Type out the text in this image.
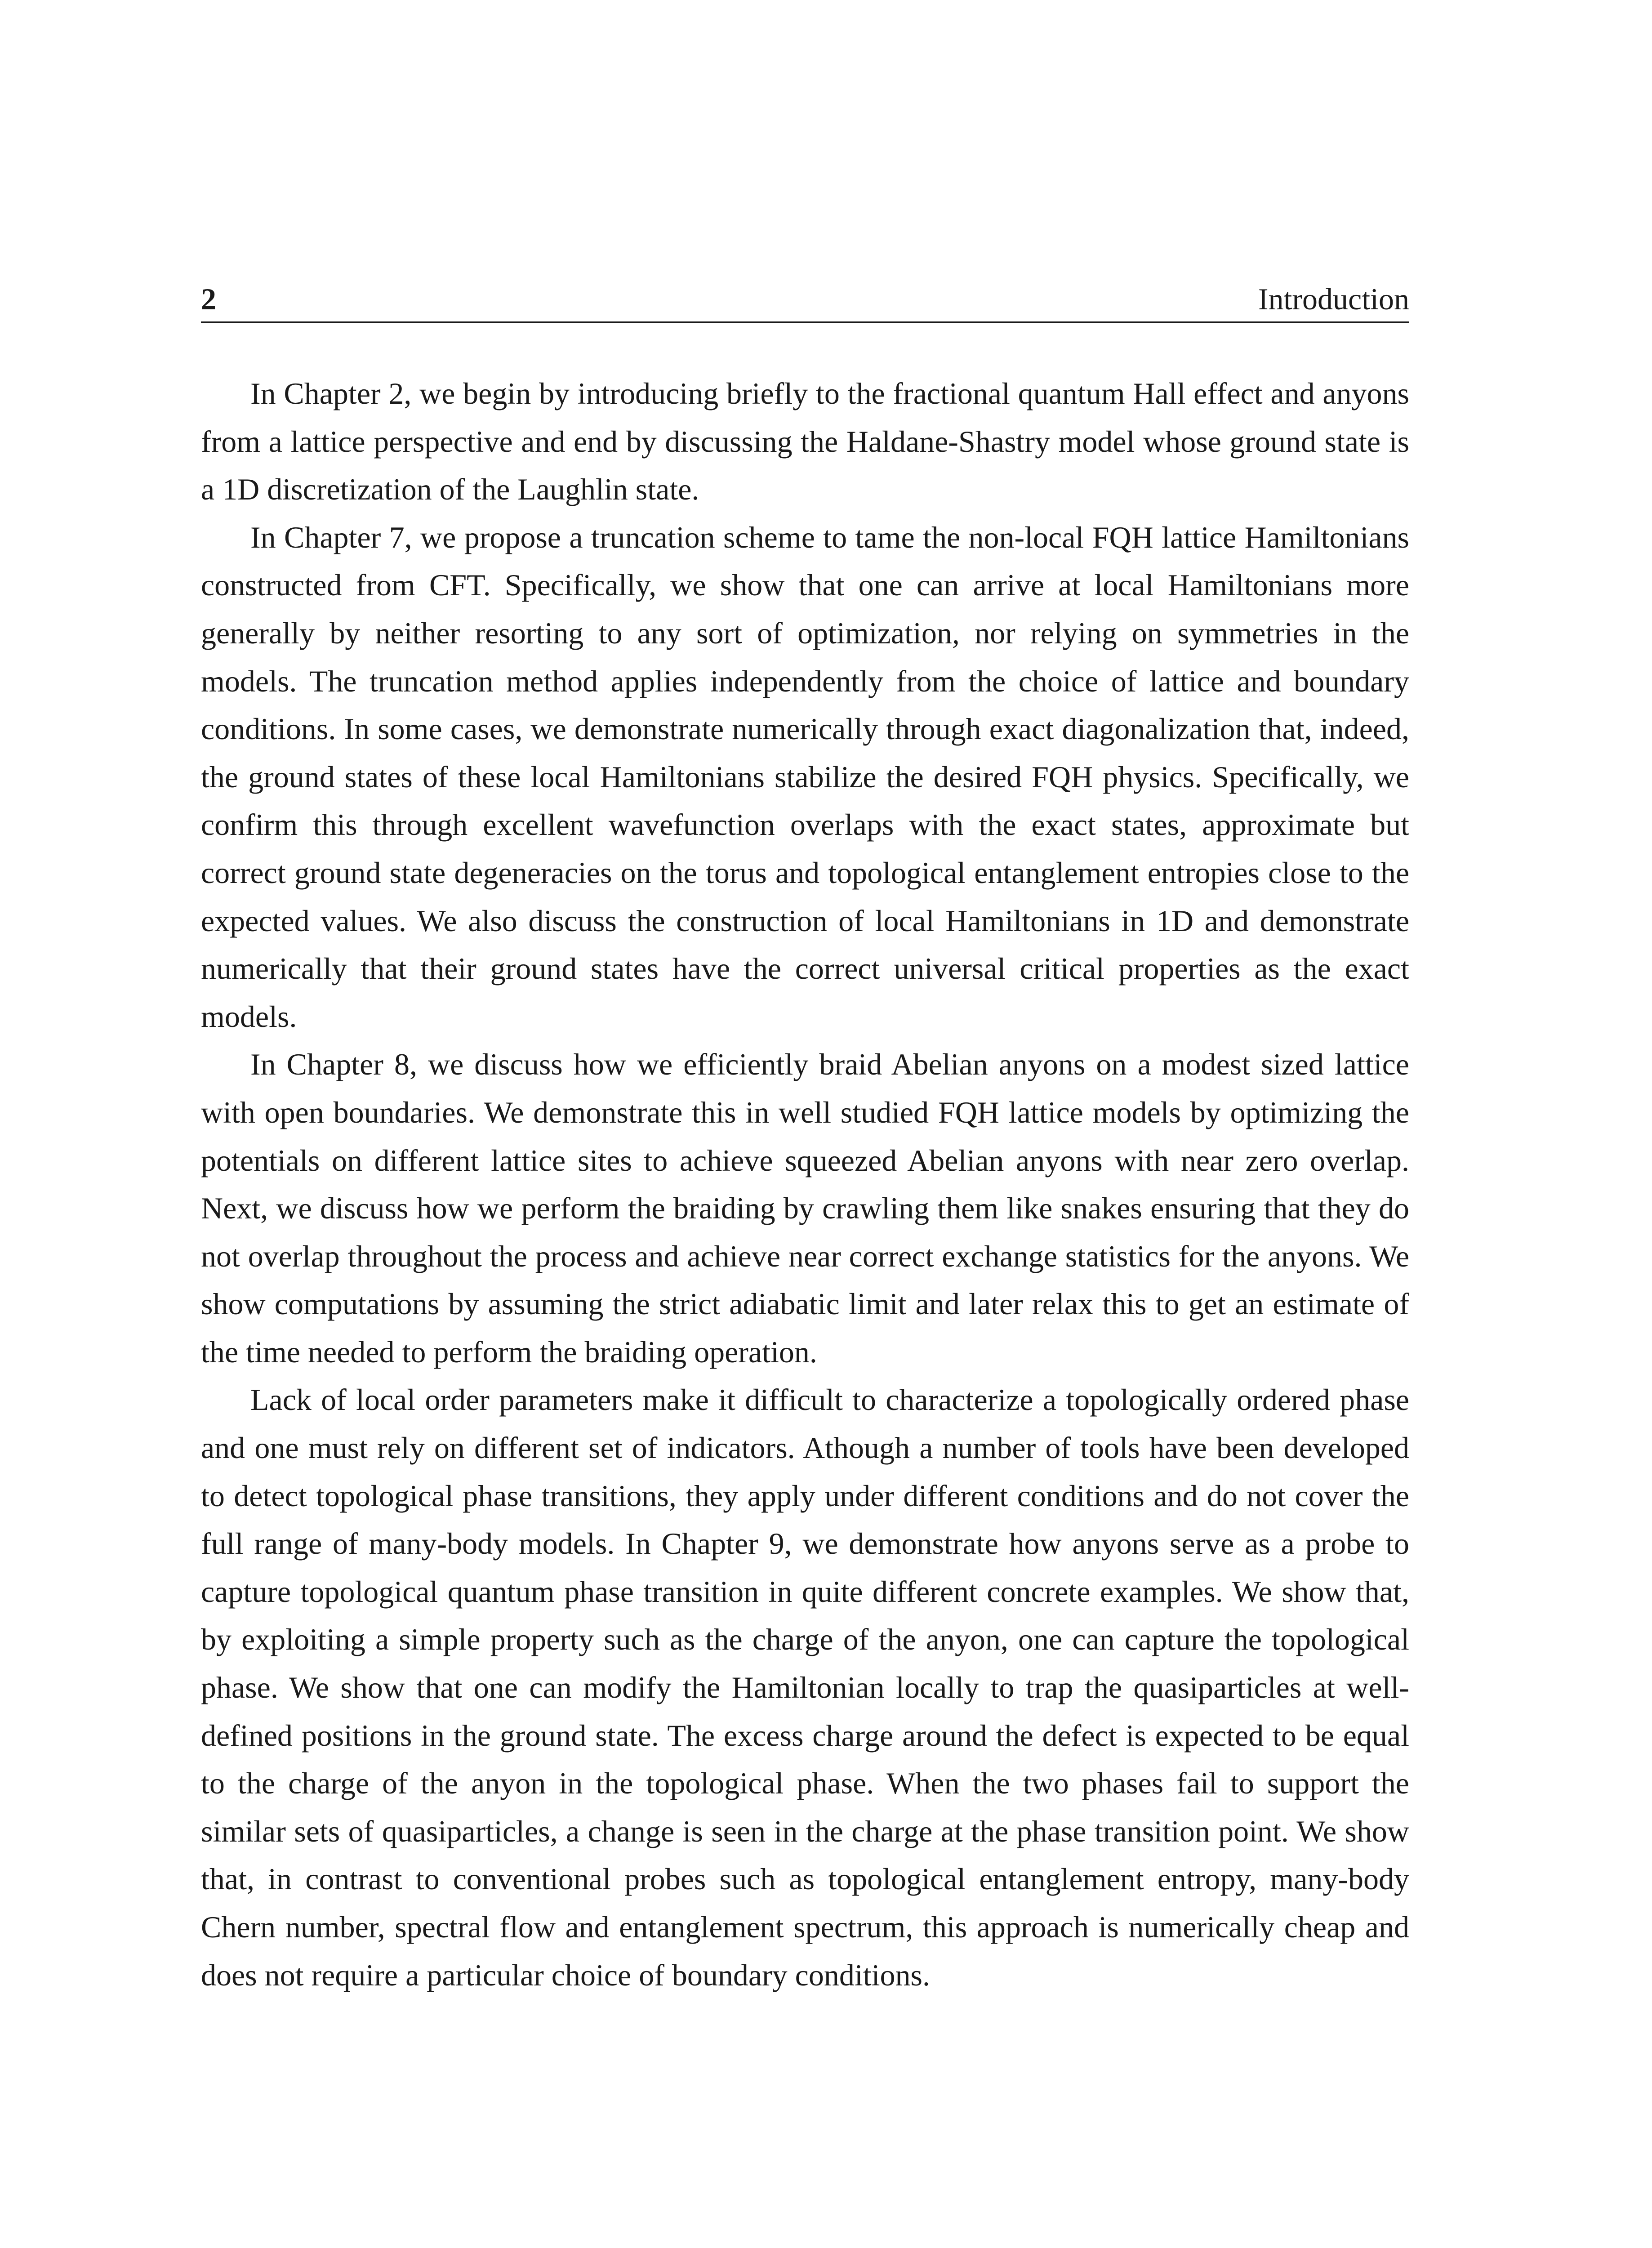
2	Introduction

In Chapter 2, we begin by introducing briefly to the fractional quantum Hall effect and anyons from a lattice perspective and end by discussing the Haldane-Shastry model whose ground state is a 1D discretization of the Laughlin state.

In Chapter 7, we propose a truncation scheme to tame the non-local FQH lattice Hamiltonians constructed from CFT. Specifically, we show that one can arrive at local Hamiltonians more generally by neither resorting to any sort of optimization, nor relying on symmetries in the models. The truncation method applies independently from the choice of lattice and boundary conditions. In some cases, we demonstrate numerically through exact diagonalization that, indeed, the ground states of these local Hamiltonians stabilize the desired FQH physics. Specifically, we confirm this through excellent wavefunction overlaps with the exact states, approximate but correct ground state degeneracies on the torus and topological entanglement entropies close to the expected values. We also discuss the construction of local Hamiltonians in 1D and demonstrate numerically that their ground states have the correct universal critical properties as the exact models.

In Chapter 8, we discuss how we efficiently braid Abelian anyons on a modest sized lattice with open boundaries. We demonstrate this in well studied FQH lattice models by optimizing the potentials on different lattice sites to achieve squeezed Abelian anyons with near zero overlap. Next, we discuss how we perform the braiding by crawling them like snakes ensuring that they do not overlap throughout the process and achieve near correct exchange statistics for the anyons. We show computations by assuming the strict adiabatic limit and later relax this to get an estimate of the time needed to perform the braiding operation.

Lack of local order parameters make it difficult to characterize a topologically ordered phase and one must rely on different set of indicators. Athough a number of tools have been developed to detect topological phase transitions, they apply under different conditions and do not cover the full range of many-body models. In Chapter 9, we demonstrate how anyons serve as a probe to capture topological quantum phase transition in quite different concrete examples. We show that, by exploiting a simple property such as the charge of the anyon, one can capture the topological phase. We show that one can modify the Hamiltonian locally to trap the quasiparticles at well-defined positions in the ground state. The excess charge around the defect is expected to be equal to the charge of the anyon in the topological phase. When the two phases fail to support the similar sets of quasiparticles, a change is seen in the charge at the phase transition point. We show that, in contrast to conventional probes such as topological entanglement entropy, many-body Chern number, spectral flow and entanglement spectrum, this approach is numerically cheap and does not require a particular choice of boundary conditions.
